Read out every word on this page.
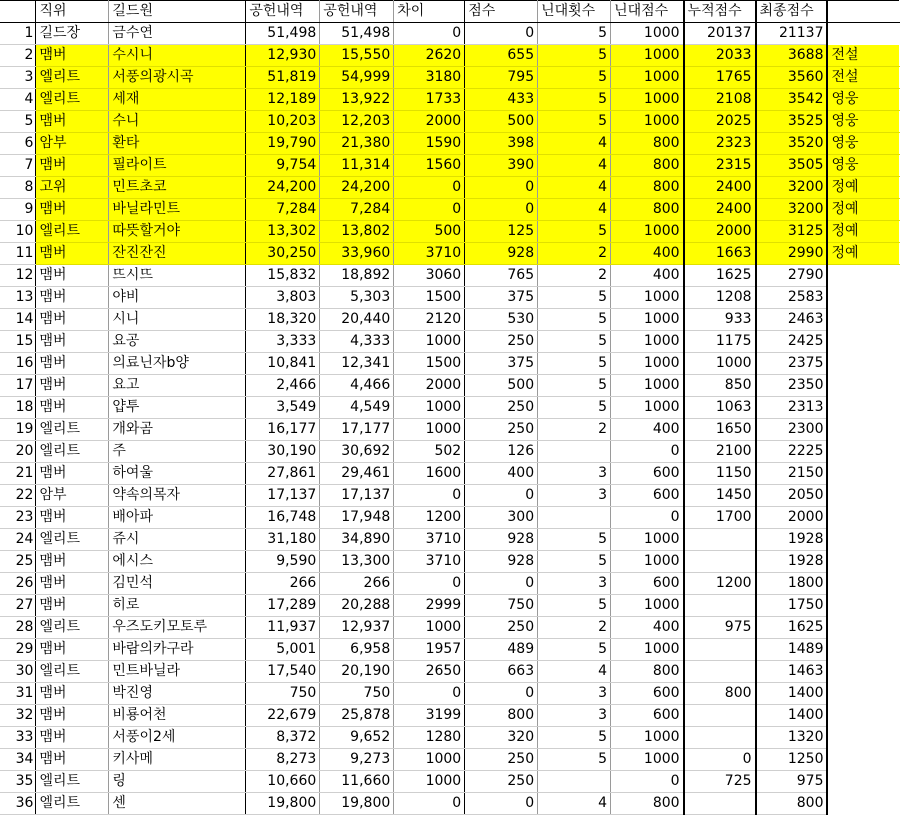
	직위	길드원	공헌내역	공헌내역	차이	점수	닌대횟수	닌대점수	누적점수	최종점수	
1	길드장	금수연	51,498	51,498	0	0	5	1000	20137	21137	
2	맴버	수시니	12,930	15,550	2620	655	5	1000	2033	3688	전설
3	엘리트	서풍의광시곡	51,819	54,999	3180	795	5	1000	1765	3560	전설
4	엘리트	세재	12,189	13,922	1733	433	5	1000	2108	3542	영웅
5	맴버	수니	10,203	12,203	2000	500	5	1000	2025	3525	영웅
6	암부	환타	19,790	21,380	1590	398	4	800	2323	3520	영웅
7	맴버	필라이트	9,754	11,314	1560	390	4	800	2315	3505	영웅
8	고위	민트초코	24,200	24,200	0	0	4	800	2400	3200	정예
9	맴버	바닐라민트	7,284	7,284	0	0	4	800	2400	3200	정예
10	엘리트	따뜻할거야	13,302	13,802	500	125	5	1000	2000	3125	정예
11	맴버	잔진잔진	30,250	33,960	3710	928	2	400	1663	2990	정예
12	맴버	뜨시뜨	15,832	18,892	3060	765	2	400	1625	2790	
13	맴버	야비	3,803	5,303	1500	375	5	1000	1208	2583	
14	맴버	시니	18,320	20,440	2120	530	5	1000	933	2463	
15	맴버	요공	3,333	4,333	1000	250	5	1000	1175	2425	
16	맴버	의료닌자b양	10,841	12,341	1500	375	5	1000	1000	2375	
17	맴버	요고	2,466	4,466	2000	500	5	1000	850	2350	
18	맴버	얍투	3,549	4,549	1000	250	5	1000	1063	2313	
19	엘리트	개와곰	16,177	17,177	1000	250	2	400	1650	2300	
20	엘리트	주	30,190	30,692	502	126		0	2100	2225	
21	맴버	하여울	27,861	29,461	1600	400	3	600	1150	2150	
22	암부	약속의목자	17,137	17,137	0	0	3	600	1450	2050	
23	맴버	배아파	16,748	17,948	1200	300		0	1700	2000	
24	엘리트	쥬시	31,180	34,890	3710	928	5	1000		1928	
25	맴버	에시스	9,590	13,300	3710	928	5	1000		1928	
26	맴버	김민석	266	266	0	0	3	600	1200	1800	
27	맴버	히로	17,289	20,288	2999	750	5	1000		1750	
28	엘리트	우즈도키모토루	11,937	12,937	1000	250	2	400	975	1625	
29	맴버	바람의카구라	5,001	6,958	1957	489	5	1000		1489	
30	엘리트	민트바닐라	17,540	20,190	2650	663	4	800		1463	
31	맴버	박진영	750	750	0	0	3	600	800	1400	
32	맴버	비룡어천	22,679	25,878	3199	800	3	600		1400	
33	맴버	서풍이2세	8,372	9,652	1280	320	5	1000		1320	
34	맴버	키사메	8,273	9,273	1000	250	5	1000	0	1250	
35	엘리트	링	10,660	11,660	1000	250		0	725	975	
36	엘리트	센	19,800	19,800	0	0	4	800		800	
